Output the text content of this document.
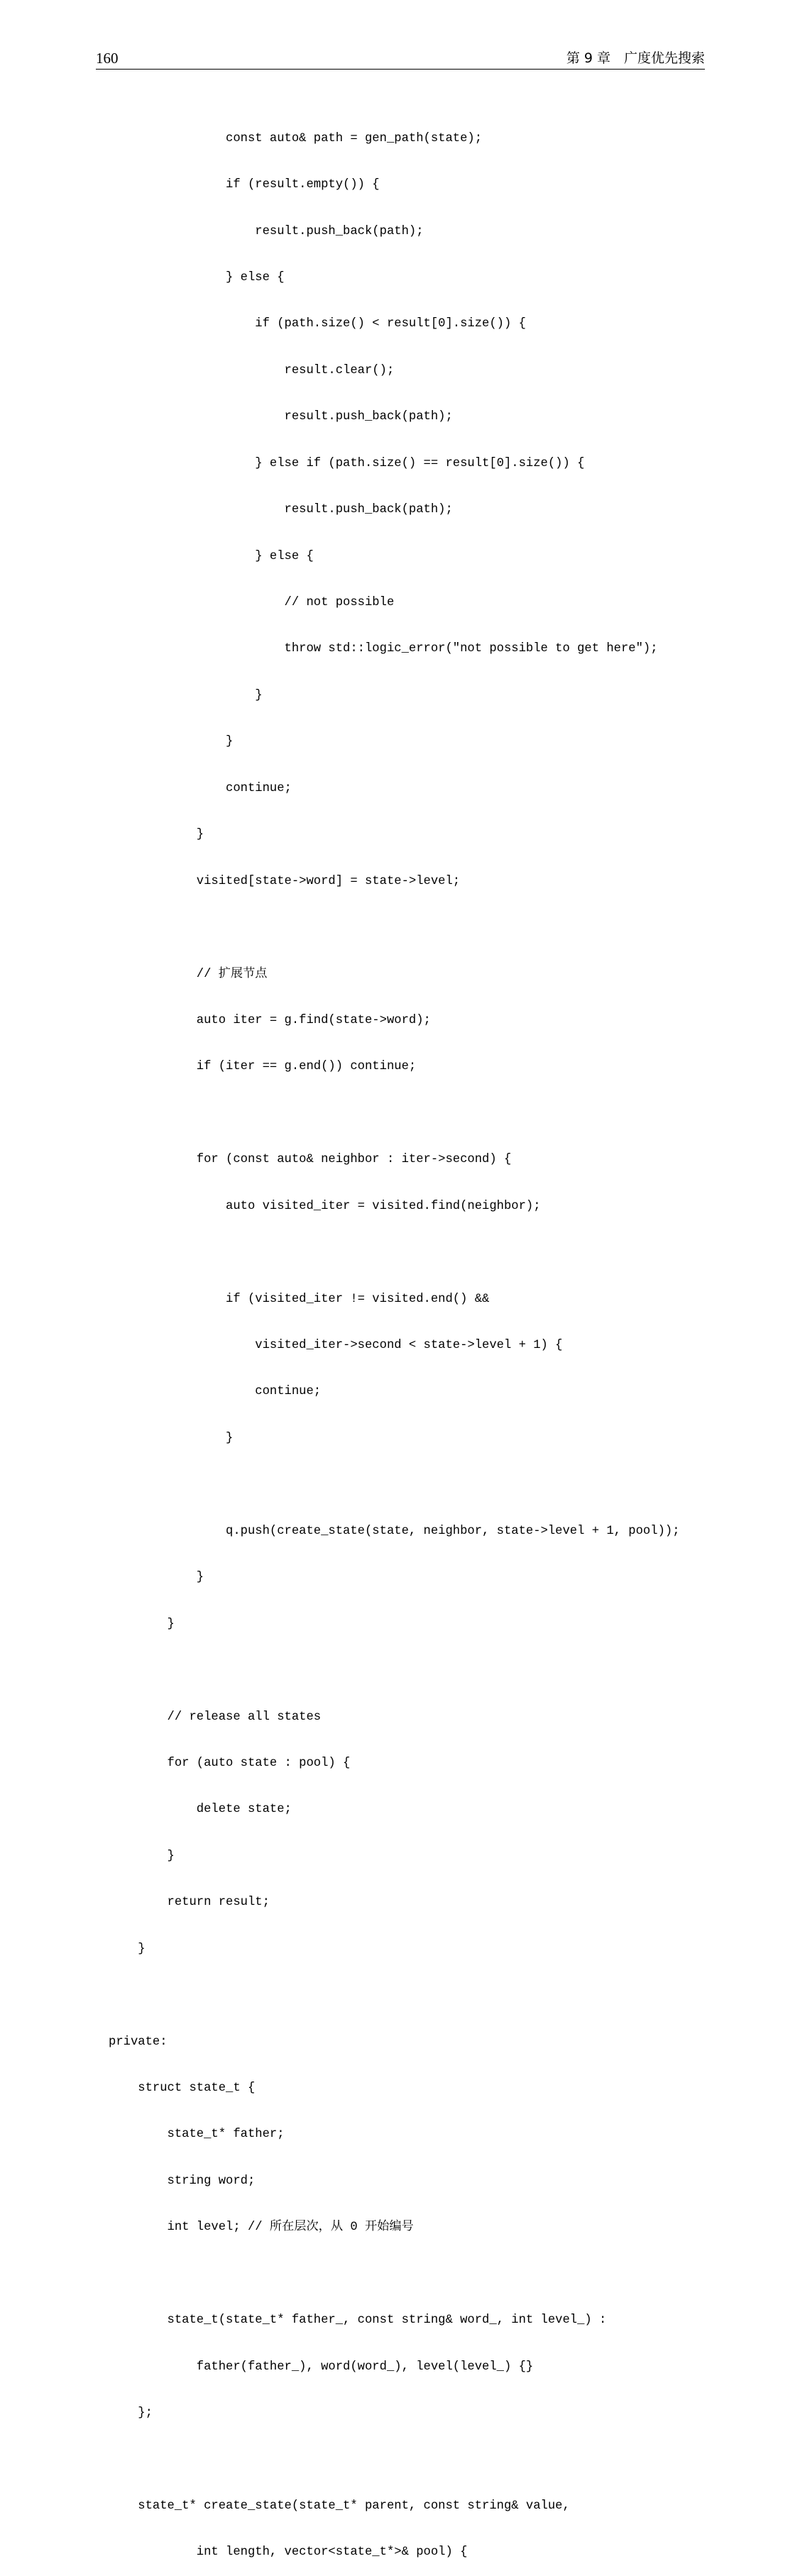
160	第 9 章　广度优先搜索

const auto& path = gen_path(state);

if (result.empty()) {

result.push_back(path);

} else {

if (path.size() < result[0].size()) {

result.clear();

result.push_back(path);

} else if (path.size() == result[0].size()) {

result.push_back(path);

} else {

// not possible

throw std::logic_error("not possible to get here");

}

}

continue;

}

visited[state->word] = state->level;

// 扩展节点

auto iter = g.find(state->word);

if (iter == g.end()) continue;

for (const auto& neighbor : iter->second) {

auto visited_iter = visited.find(neighbor);

if (visited_iter != visited.end() &&

visited_iter->second < state->level + 1) {

continue;

}

q.push(create_state(state, neighbor, state->level + 1, pool));

}

}

// release all states

for (auto state : pool) {

delete state;

}

return result;

}

private:

struct state_t {

state_t* father;

string word;

int level; // 所在层次，从 0 开始编号

state_t(state_t* father_, const string& word_, int level_) :

father(father_), word(word_), level(level_) {}

};

state_t* create_state(state_t* parent, const string& value,

int length, vector<state_t*>& pool) {
